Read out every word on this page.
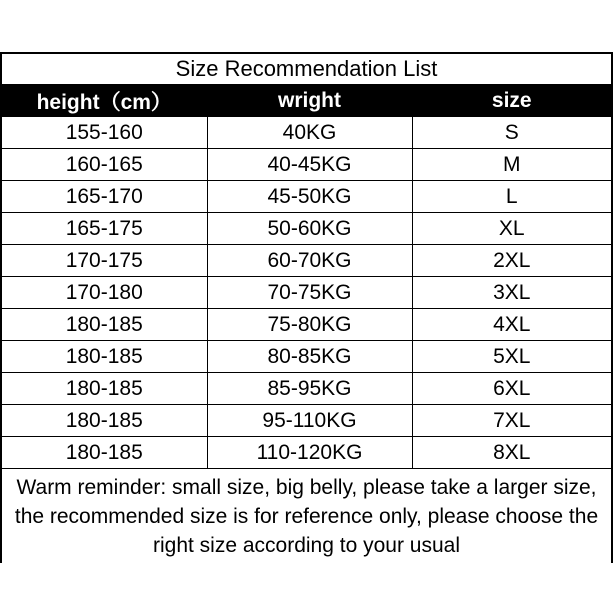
Size Recommendation List
height（cm）	wright	size
155-160	40KG	S
160-165	40-45KG	M
165-170	45-50KG	L
165-175	50-60KG	XL
170-175	60-70KG	2XL
170-180	70-75KG	3XL
180-185	75-80KG	4XL
180-185	80-85KG	5XL
180-185	85-95KG	6XL
180-185	95-110KG	7XL
180-185	110-120KG	8XL
Warm reminder: small size, big belly, please take a larger size, the recommended size is for reference only, please choose the right size according to your usual
